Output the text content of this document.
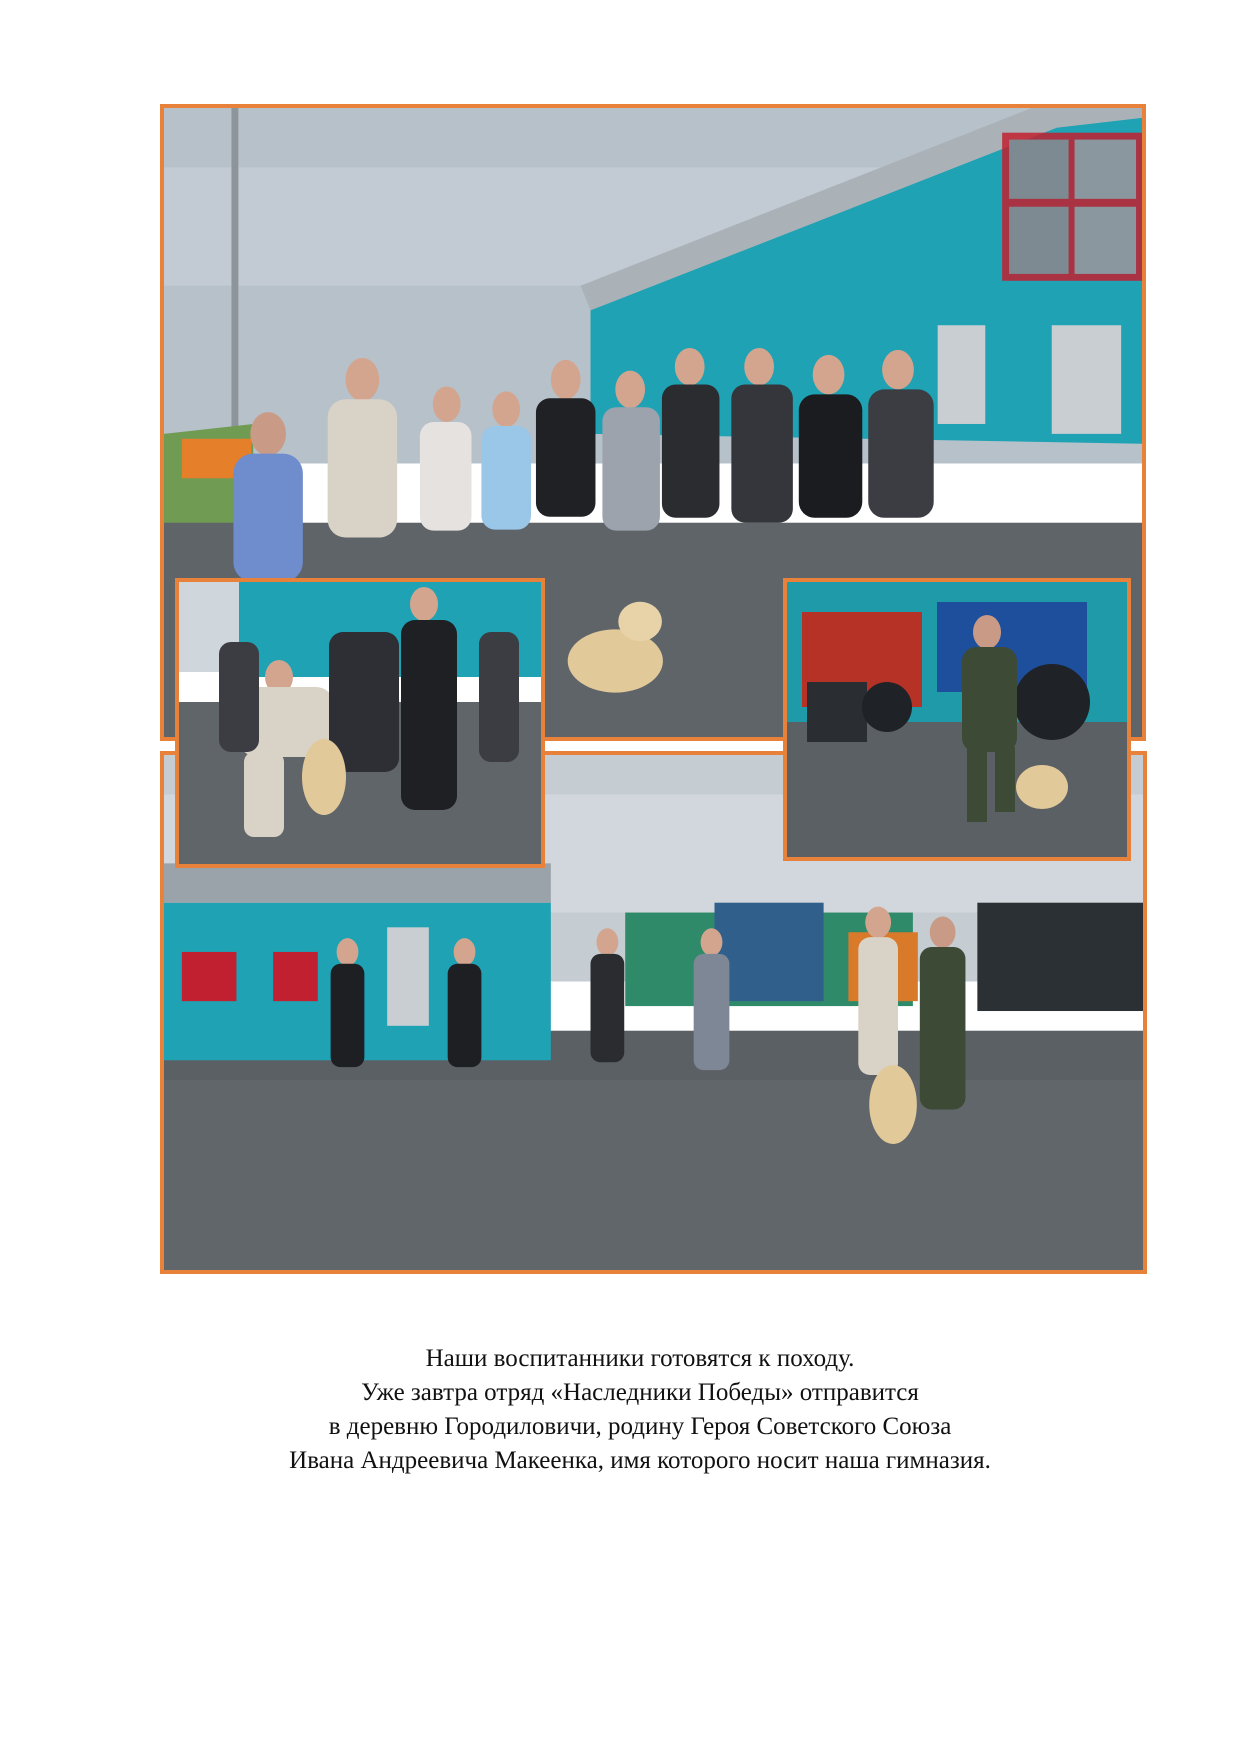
Наши воспитанники готовятся к походу.
Уже завтра отряд «Наследники Победы» отправится
в деревню Городиловичи, родину Героя Советского Союза
Ивана Андреевича Макеенка, имя которого носит наша гимназия.
